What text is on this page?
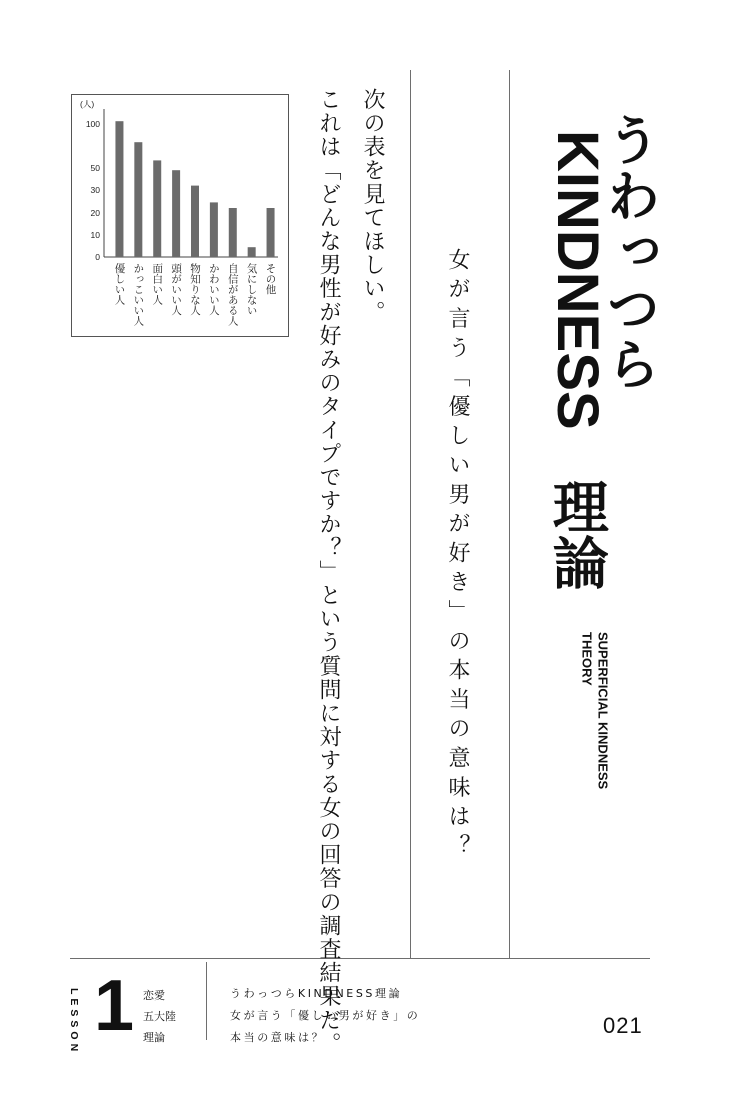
うわっつら
KINDNESS
理論
SUPERFICIAL KINDNESS THEORY
女が言う「優しい男が好き」の本当の意味は？
次の表を見てほしい。
これは「どんな男性が好みのタイプですか？」という質問に対する女の回答の調査結果だ。
(人)
0
10
20
30
50
100
優しい人 かっこいい人 面白い人 頭がいい人 物知りな人 かわいい人 自信がある人 気にしない その他
LESSON 1 恋愛
五大陸
理論
うわっつらKINDNESS理論
女が言う「優しい男が好き」の
本当の意味は？	021
